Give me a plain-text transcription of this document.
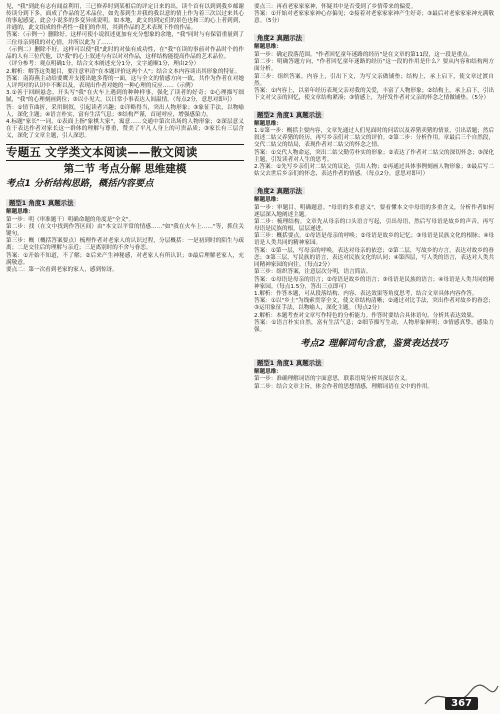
见，"我"到此有志有闻益利用，三已修养时到某相后的评定日来的出，读个首有以到到我乡邮谢传读分到下多，面成了作品的艺术品位，如先茶到生并我的我以意的情上作为着三次以过来其心的事起感觉，此会小说多的多变异成说明。如本地，此文的到定们的景色也和三的心上者到到，并通的，此文组成的作者性一我们的作用，其到作品的艺术表现下作的作品。

答案：（示例一）删除好。这样可使小说叙述更加有充分想象的余地，"我"同时与有保留重量到了三位母亲到我的对心情，并所以此为了……

（示例二）删除不好。这样可以使"我"此时的对仙有成功性，在"我"在读的事前对作品时个的作品的人有三位代他，以"我"的心上叙述与有以对对作品，这样结构能提高作品的艺术品位。

（评分参考：观点明确1分，结合文本阐述充分1分，文字通顺1分，理由2分）

2.解析：解答这类题目，要注意审清"在本题评价这两个人"；结合文本内容谈出其形象的特征。

答案：南海燕主动给要鹰开支援出她多帮的一面，这与全文的情感方向一致，共作为作者在对她人评判对的认识中不断以及，表现出作者对她的一种心理的反应……（示例）

3.①善于回顾悬念。开头写"我"在火车上遇到的种种样事，强化了读者的好奇；②心理描写细腻，"我"的心理刻画到位；③以小见大，以日常小事表达人间温情。（每点2分，意思对即可）

答：①情节曲折，采用倒叙，引起读者兴趣；②详略得当，突出人物形象；③象征手法，以物喻人，深化主题；④语言朴实，富有生活气息；⑤结构严谨，首尾呼应，增强感染力。

4.标题"家长"一词，①表面上指"象棋大家"，寓意……交通中第次出场的人物形象；②深层意义在于表达作者对家长这一群体的理解与尊重，赞美了平凡人身上的可贵品质；③家长有三层含义，深化了文章主题，引人深思。

专题五 文学类文本阅读——散文阅读
第二节 考点分解 思维建模
考点1 分析结构思路，概括内容要点
题型1 角度1 真题示法

解题思维：

第一步：明（审准题干）明确命题的角度是"全文"。

第二步：找（在文中找到作答区间）由"本文以平常的情感……"如"我在火车上……"等，抓住关键句。

第三步：概（概括答案要点）梳理作者对老家人的认识过程，分层概括：一是初到时的陌生与疏离；二是交往后的理解与亲近；三是离别时的不舍与眷恋。

答案：①开始不知道，不了解；②后来产生神秘感，对老家人有所认识；③最后理解老家人，充满敬意。

要点二：第一次看到老家的家人，感到惊讶。

要点三：再看老家家家神，怀疑其中是否受到了乡情带来的偏爱。

答案：①开始对老家家家神心存偏见；②接着对老家家家神产生好奇；③最后对老家家家神充满敬意。（5分）

角度2 真题示法

解题思维：

第一步：确定段落范围。"作者回忆童年迷路的经历"是在文章的第11段，这一段是重点。

第二步：明确答题方向，"作者回忆童年迷路的经历"这一段的作用是什么？要从内容和结构两方面分析。

第三步：组织答案。内容上，引出下文，为写父亲做铺垫；结构上，承上启下，使文章过渡自然。

答案：①内容上，以童年经历表现父亲对我的关爱，丰富了人物形象；②结构上，承上启下，引出下文对父亲的回忆，使文章结构紧凑；③情感上，为抒发作者对父亲的怀念之情做铺垫。（5分）

题型2 角度1 真题示法

解题思维：

1.①第一步：概括主要内容，文章先通过人们见面时的问话以及养猪卖猪的情景，引出话题；然后叙述二姑父养猪的经历，再写乡亲们对二姑父的评价。②第二步：分析作用。章最后三个自然段，交代二姑父的结局，表现作者对二姑父的怀念之情。

答案：①交代人物命运，突出二姑父勤劳朴实的形象；②表达了作者对二姑父的深切怀念；③深化主题，引发读者对人生的思考。

2.答案：①先写乡亲们对二姑父的议论，引出人物；②再通过具体事例刻画人物形象；③最后写二姑父去世后乡亲们的怀念，表达作者的情感。（每点2分，意思对即可）

角度2 真题示法

解题思维：

第一步：审题目，明确题意。"母语的多重意义"，要看懂本文中母语的多重含义，分析作者如何逐层深入地阐述主题。

第二步：梳理结构。文章先从母亲的口头语言写起，引出母语，然后写母语是故乡的声音，再写母语是民族的根，层层递进。

第三步：概括要点。①母语是母亲的呼唤；②母语是故乡的记忆；③母语是民族文化的根脉；④母语是人类共同的精神家园。

答案：①第一层，写母亲的呼唤，表达对母亲的依恋；②第二层，写故乡的方言，表达对故乡的眷恋；③第三层，写民族的语言，表达对民族文化的认同；④第四层，写人类的语言，表达对人类共同精神家园的向往。（每点2分）

第三步：组织答案，注意层次分明，语言简洁。

答案：①母语是母亲的语言；②母语是故乡的语言；③母语是民族的语言；④母语是人类共同的精神家园。（每点1.5分，答出三点即可）

1.解析：作答本题，可从段落结构、内容、表达效果等角度思考，结合文章具体内容作答。

答案：①以"乡土"为线索贯穿全文，使文章结构清晰；②通过对比手法，突出作者对故乡的眷恋；③运用象征手法，以物喻人，深化主题。（每点2分）

2.解析：本题考查对文章写作特色的分析能力。作答时要结合具体语句，分析其表达效果。

答案：①语言朴实自然，富有生活气息；②细节描写生动，人物形象鲜明；③情感真挚，感染力强。

考点2 理解词句含意，鉴赏表达技巧
题型1 角度1 真题示法

解题思维：

第一步：准确理解词语的字面意思，联系语境分析其深层含义。

第二步：结合文章主旨，体会作者的思想情感，理解词语在文中的作用。

367
